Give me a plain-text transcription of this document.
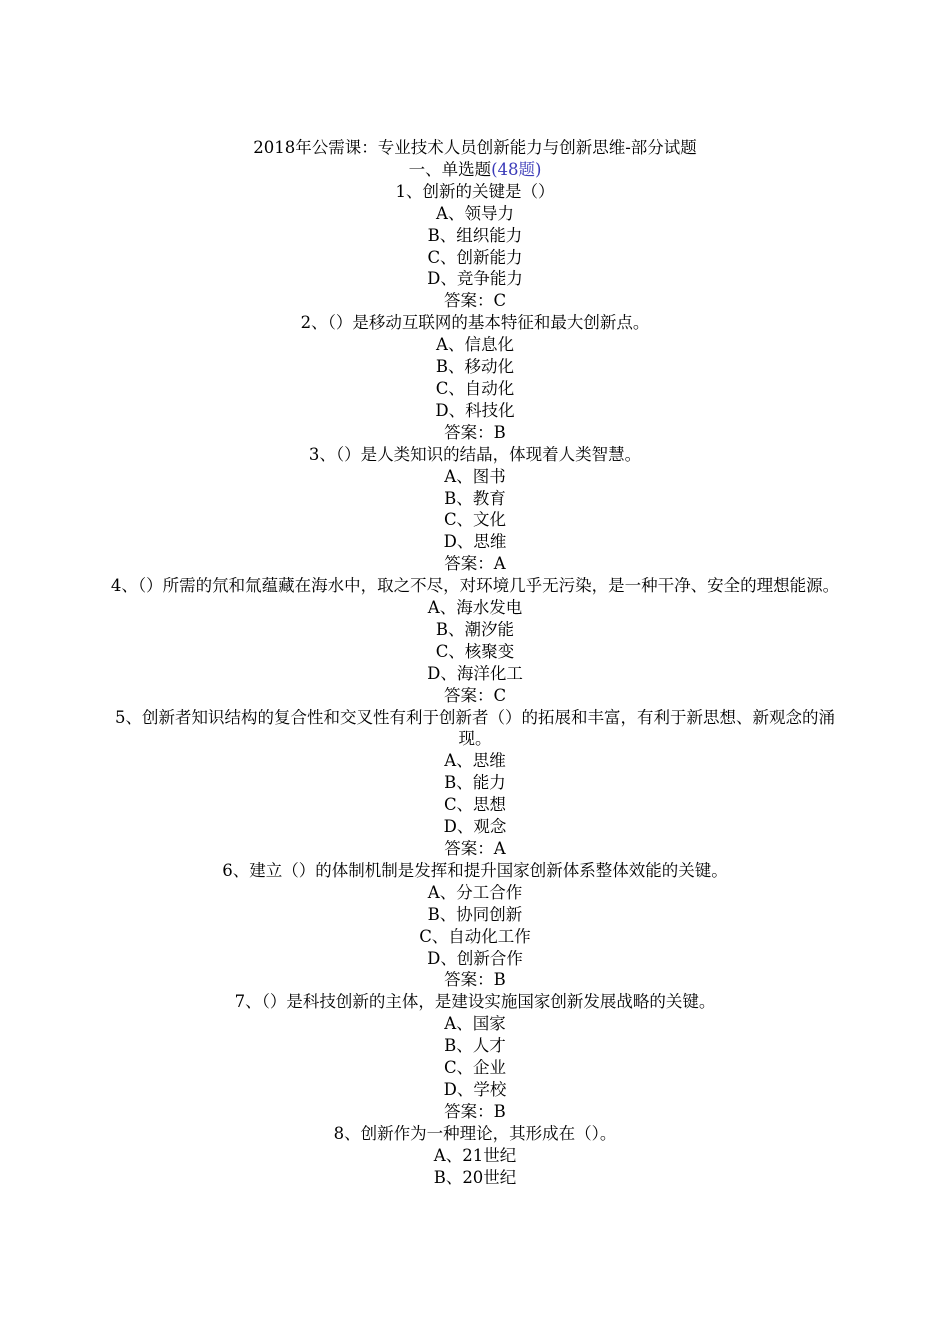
2018年公需课：专业技术人员创新能力与创新思维-部分试题
一、单选题(48题)
1、创新的关键是（）
A、领导力
B、组织能力
C、创新能力
D、竞争能力
答案：C
2、（）是移动互联网的基本特征和最大创新点。
A、信息化
B、移动化
C、自动化
D、科技化
答案：B
3、（）是人类知识的结晶，体现着人类智慧。
A、图书
B、教育
C、文化
D、思维
答案：A
4、（）所需的氘和氚蕴藏在海水中，取之不尽，对环境几乎无污染，是一种干净、安全的理想能源。
A、海水发电
B、潮汐能
C、核聚变
D、海洋化工
答案：C
5、创新者知识结构的复合性和交叉性有利于创新者（）的拓展和丰富，有利于新思想、新观念的涌现。
A、思维
B、能力
C、思想
D、观念
答案：A
6、建立（）的体制机制是发挥和提升国家创新体系整体效能的关键。
A、分工合作
B、协同创新
C、自动化工作
D、创新合作
答案：B
7、（）是科技创新的主体，是建设实施国家创新发展战略的关键。
A、国家
B、人才
C、企业
D、学校
答案：B
8、创新作为一种理论，其形成在（）。
A、21世纪
B、20世纪
